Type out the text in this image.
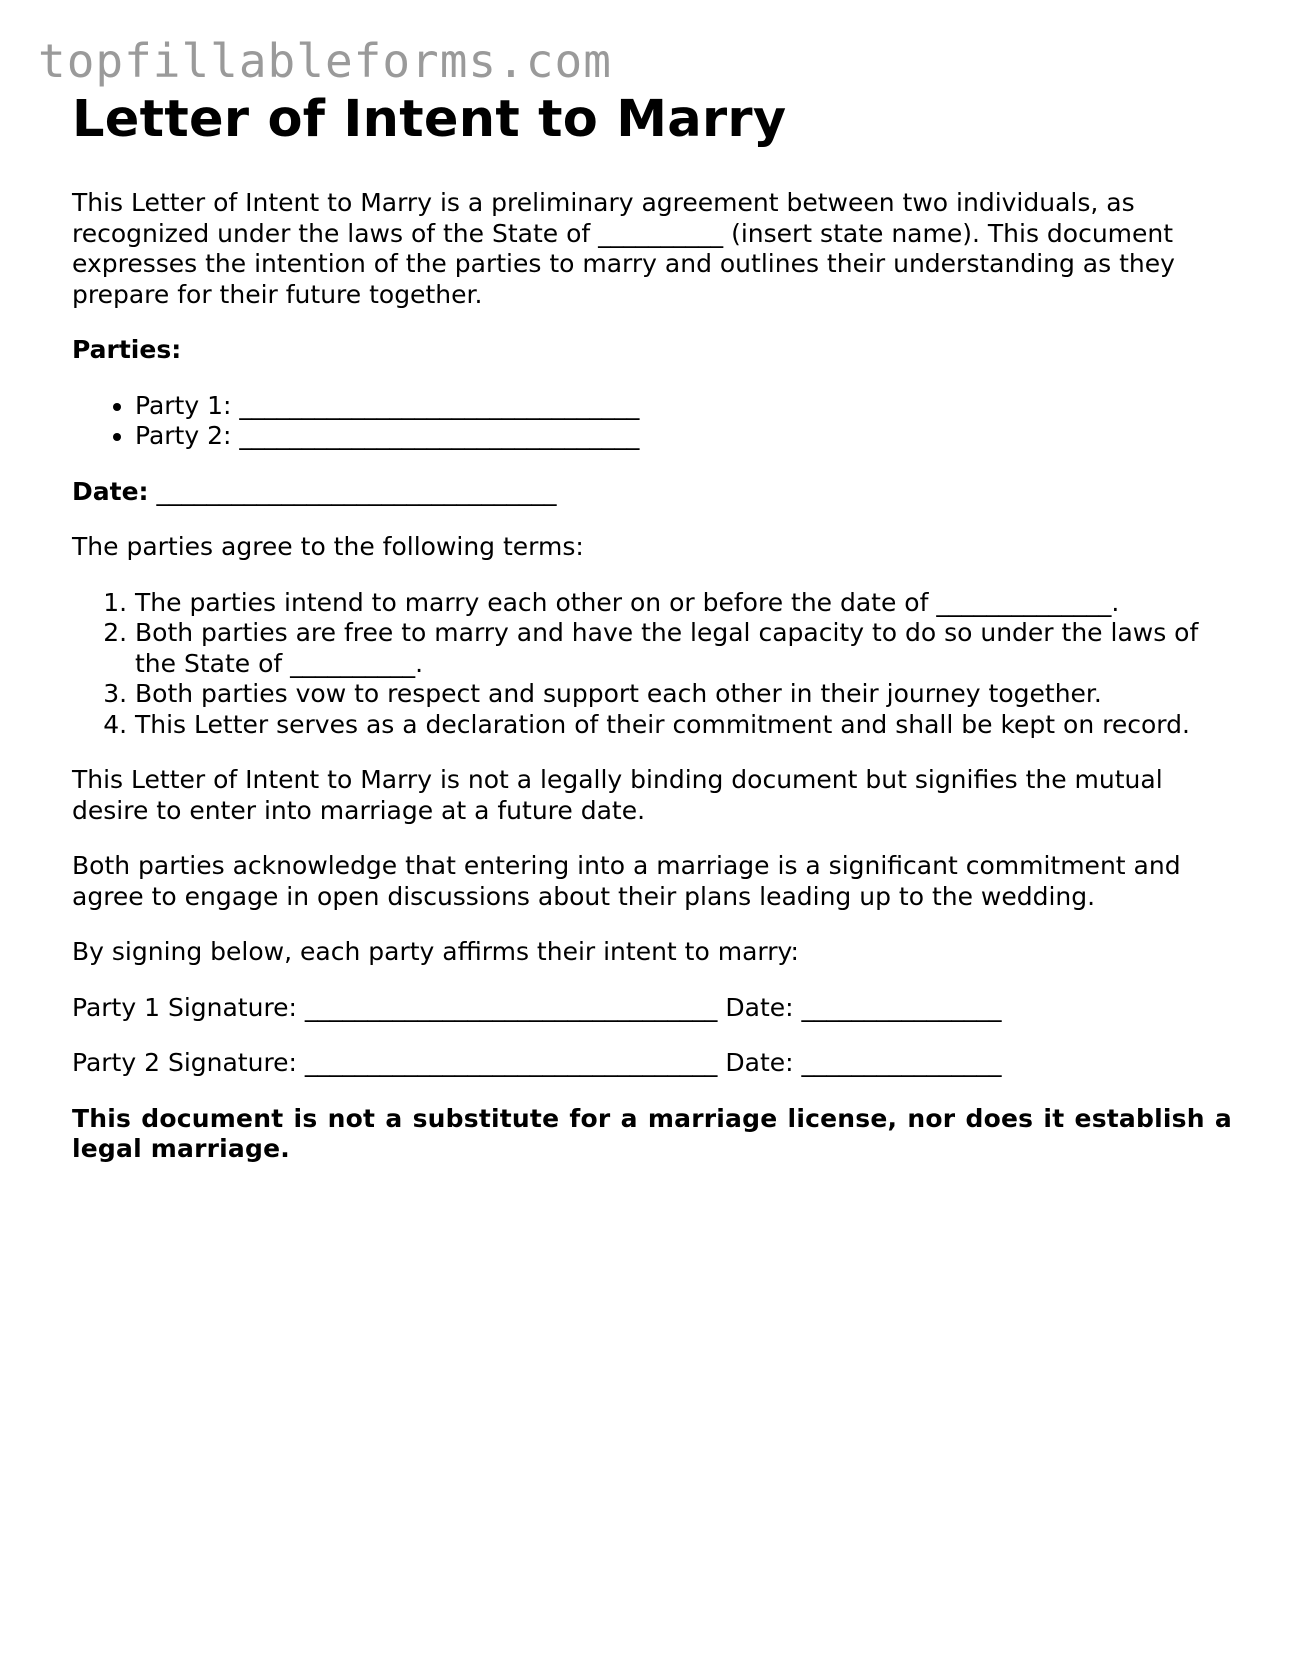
topfillableforms.com
Letter of Intent to Marry

This Letter of Intent to Marry is a preliminary agreement between two individuals, as recognized under the laws of the State of __________ (insert state name). This document expresses the intention of the parties to marry and outlines their understanding as they prepare for their future together.

Parties:

• Party 1: ________________________________
• Party 2: ________________________________

Date: ________________________________

The parties agree to the following terms:

1. The parties intend to marry each other on or before the date of ______________.
2. Both parties are free to marry and have the legal capacity to do so under the laws of the State of __________.
3. Both parties vow to respect and support each other in their journey together.
4. This Letter serves as a declaration of their commitment and shall be kept on record.

This Letter of Intent to Marry is not a legally binding document but signifies the mutual desire to enter into marriage at a future date.

Both parties acknowledge that entering into a marriage is a significant commitment and agree to engage in open discussions about their plans leading up to the wedding.

By signing below, each party affirms their intent to marry:

Party 1 Signature: _________________________________ Date: ________________

Party 2 Signature: _________________________________ Date: ________________

This document is not a substitute for a marriage license, nor does it establish a legal marriage.
